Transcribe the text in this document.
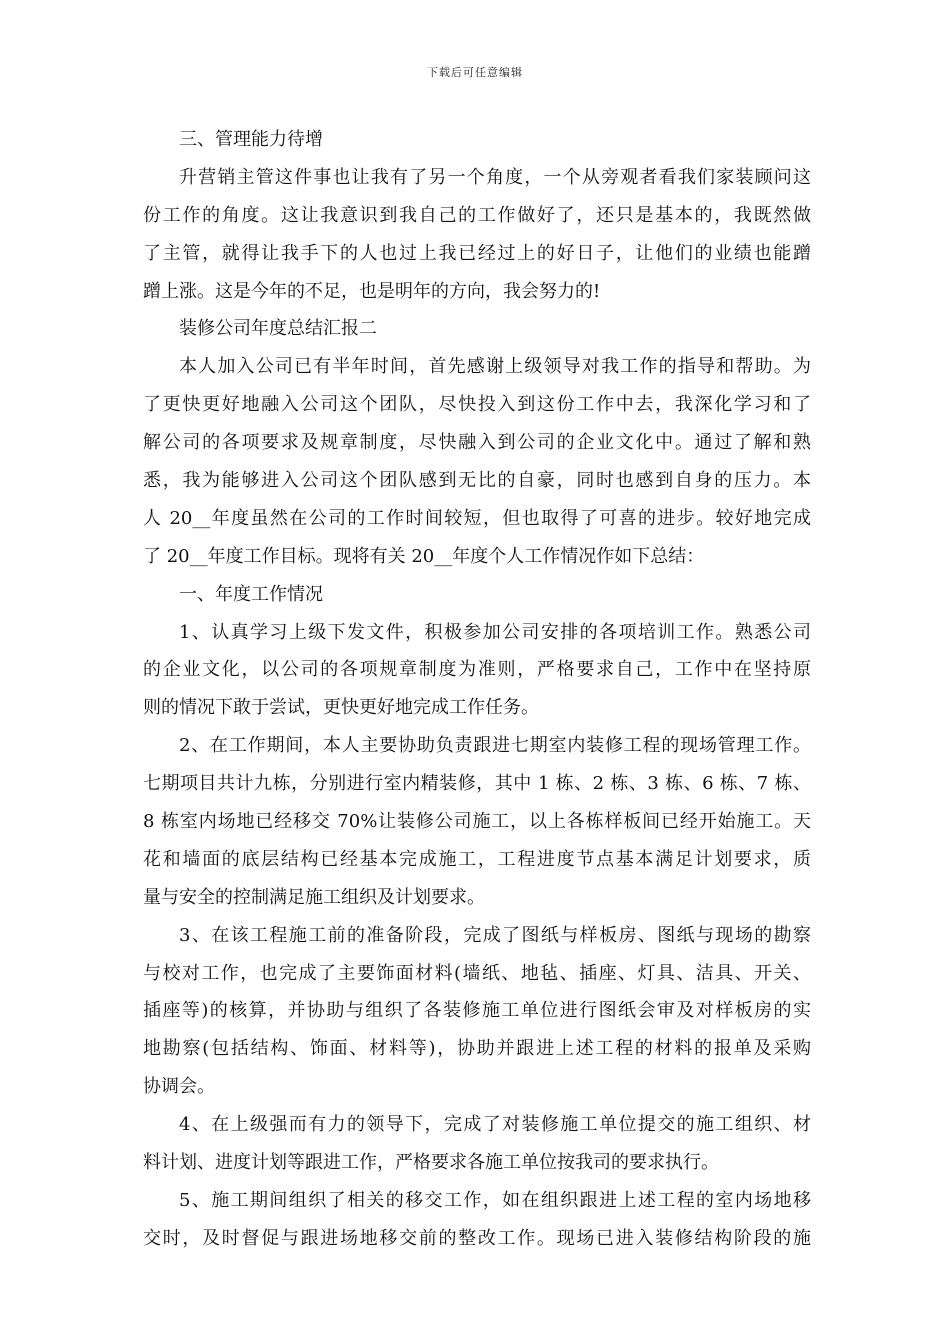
下载后可任意编辑
三、管理能力待增
升营销主管这件事也让我有了另一个角度，一个从旁观者看我们家装顾问这
份工作的角度。这让我意识到我自己的工作做好了，还只是基本的，我既然做
了主管，就得让我手下的人也过上我已经过上的好日子，让他们的业绩也能蹭
蹭上涨。这是今年的不足，也是明年的方向，我会努力的!
装修公司年度总结汇报二
本人加入公司已有半年时间，首先感谢上级领导对我工作的指导和帮助。为
了更快更好地融入公司这个团队，尽快投入到这份工作中去，我深化学习和了
解公司的各项要求及规章制度，尽快融入到公司的企业文化中。通过了解和熟
悉，我为能够进入公司这个团队感到无比的自豪，同时也感到自身的压力。本
人 20__年度虽然在公司的工作时间较短，但也取得了可喜的进步。较好地完成
了 20__年度工作目标。现将有关 20__年度个人工作情况作如下总结：
一、年度工作情况
1、认真学习上级下发文件，积极参加公司安排的各项培训工作。熟悉公司
的企业文化，以公司的各项规章制度为准则，严格要求自己，工作中在坚持原
则的情况下敢于尝试，更快更好地完成工作任务。
2、在工作期间，本人主要协助负责跟进七期室内装修工程的现场管理工作。
七期项目共计九栋，分别进行室内精装修，其中 1 栋、2 栋、3 栋、6 栋、7 栋、
8 栋室内场地已经移交 70%让装修公司施工，以上各栋样板间已经开始施工。天
花和墙面的底层结构已经基本完成施工，工程进度节点基本满足计划要求，质
量与安全的控制满足施工组织及计划要求。
3、在该工程施工前的准备阶段，完成了图纸与样板房、图纸与现场的勘察
与校对工作，也完成了主要饰面材料(墙纸、地毡、插座、灯具、洁具、开关、
插座等)的核算，并协助与组织了各装修施工单位进行图纸会审及对样板房的实
地勘察(包括结构、饰面、材料等)，协助并跟进上述工程的材料的报单及采购
协调会。
4、在上级强而有力的领导下，完成了对装修施工单位提交的施工组织、材
料计划、进度计划等跟进工作，严格要求各施工单位按我司的要求执行。
5、施工期间组织了相关的移交工作，如在组织跟进上述工程的室内场地移
交时，及时督促与跟进场地移交前的整改工作。现场已进入装修结构阶段的施
